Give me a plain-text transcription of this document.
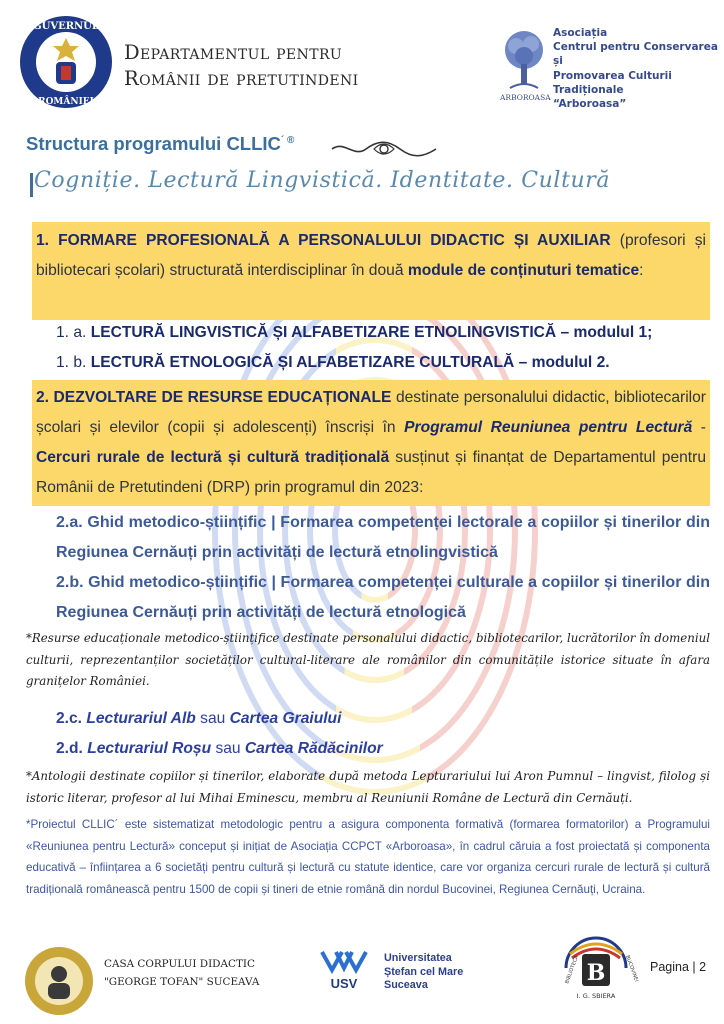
GUVERNUL
ROMÂNIEI
Departamentul pentru
Românii de pretutindeni
ARBOROASA
Asociația
Centrul pentru Conservarea și
Promovarea Culturii
Tradiționale
“Arboroasa”
Structura programului CLLIC´ ®
Cogniție. Lectură Lingvistică. Identitate. Cultură
1. FORMARE PROFESIONALĂ A PERSONALULUI DIDACTIC ȘI AUXILIAR (profesori și bibliotecari școlari) structurată interdisciplinar în două module de conținuturi tematice:
1. a. LECTURĂ LINGVISTICĂ ȘI ALFABETIZARE ETNOLINGVISTICĂ – modulul 1;
1. b. LECTURĂ ETNOLOGICĂ ȘI ALFABETIZARE CULTURALĂ – modulul 2.
2. DEZVOLTARE DE RESURSE EDUCAȚIONALE destinate personalului didactic, bibliotecarilor școlari și elevilor (copii și adolescenți) înscriși în Programul Reuniunea pentru Lectură - Cercuri rurale de lectură și cultură tradițională susținut și finanțat de Departamentul pentru Românii de Pretutindeni (DRP) prin programul din 2023:
2.a. Ghid metodico-științific | Formarea competenței lectorale a copiilor și tinerilor din Regiunea Cernăuți prin activități de lectură etnolingvistică
2.b. Ghid metodico-științific | Formarea competenței culturale a copiilor și tinerilor din Regiunea Cernăuți prin activități de lectură etnologică
*Resurse educaționale metodico-științifice destinate personalului didactic, bibliotecarilor, lucrătorilor în domeniul culturii, reprezentanților societăților cultural-literare ale românilor din comunitățile istorice situate în afara granițelor României.
2.c. Lecturariul Alb sau Cartea Graiului
2.d. Lecturariul Roșu sau Cartea Rădăcinilor
*Antologii destinate copiilor și tinerilor, elaborate după metoda Lepturariului lui Aron Pumnul – lingvist, filolog și istoric literar, profesor al lui Mihai Eminescu, membru al Reuniunii Române de Lectură din Cernăuți.
*Proiectul CLLIC´ este sistematizat metodologic pentru a asigura componenta formativă (formarea formatorilor) a Programului «Reuniunea pentru Lectură» conceput și inițiat de Asociația CCPCT «Arboroasa», în cadrul căruia a fost proiectată și componenta educativă – înființarea a 6 societăți pentru cultură și lectură cu statute identice, care vor organiza cercuri rurale de lectură și cultură tradițională românească pentru 1500 de copii și tineri de etnie română din nordul Bucovinei, Regiunea Cernăuți, Ucraina.
CASA CORPULUI DIDACTIC
"GEORGE TOFAN" SUCEAVA	USV
Universitatea
Ștefan cel Mare
Suceava	B
BIBLIOTECA	BUCOVINEI
I. G. SBIERA
Pagina | 2
